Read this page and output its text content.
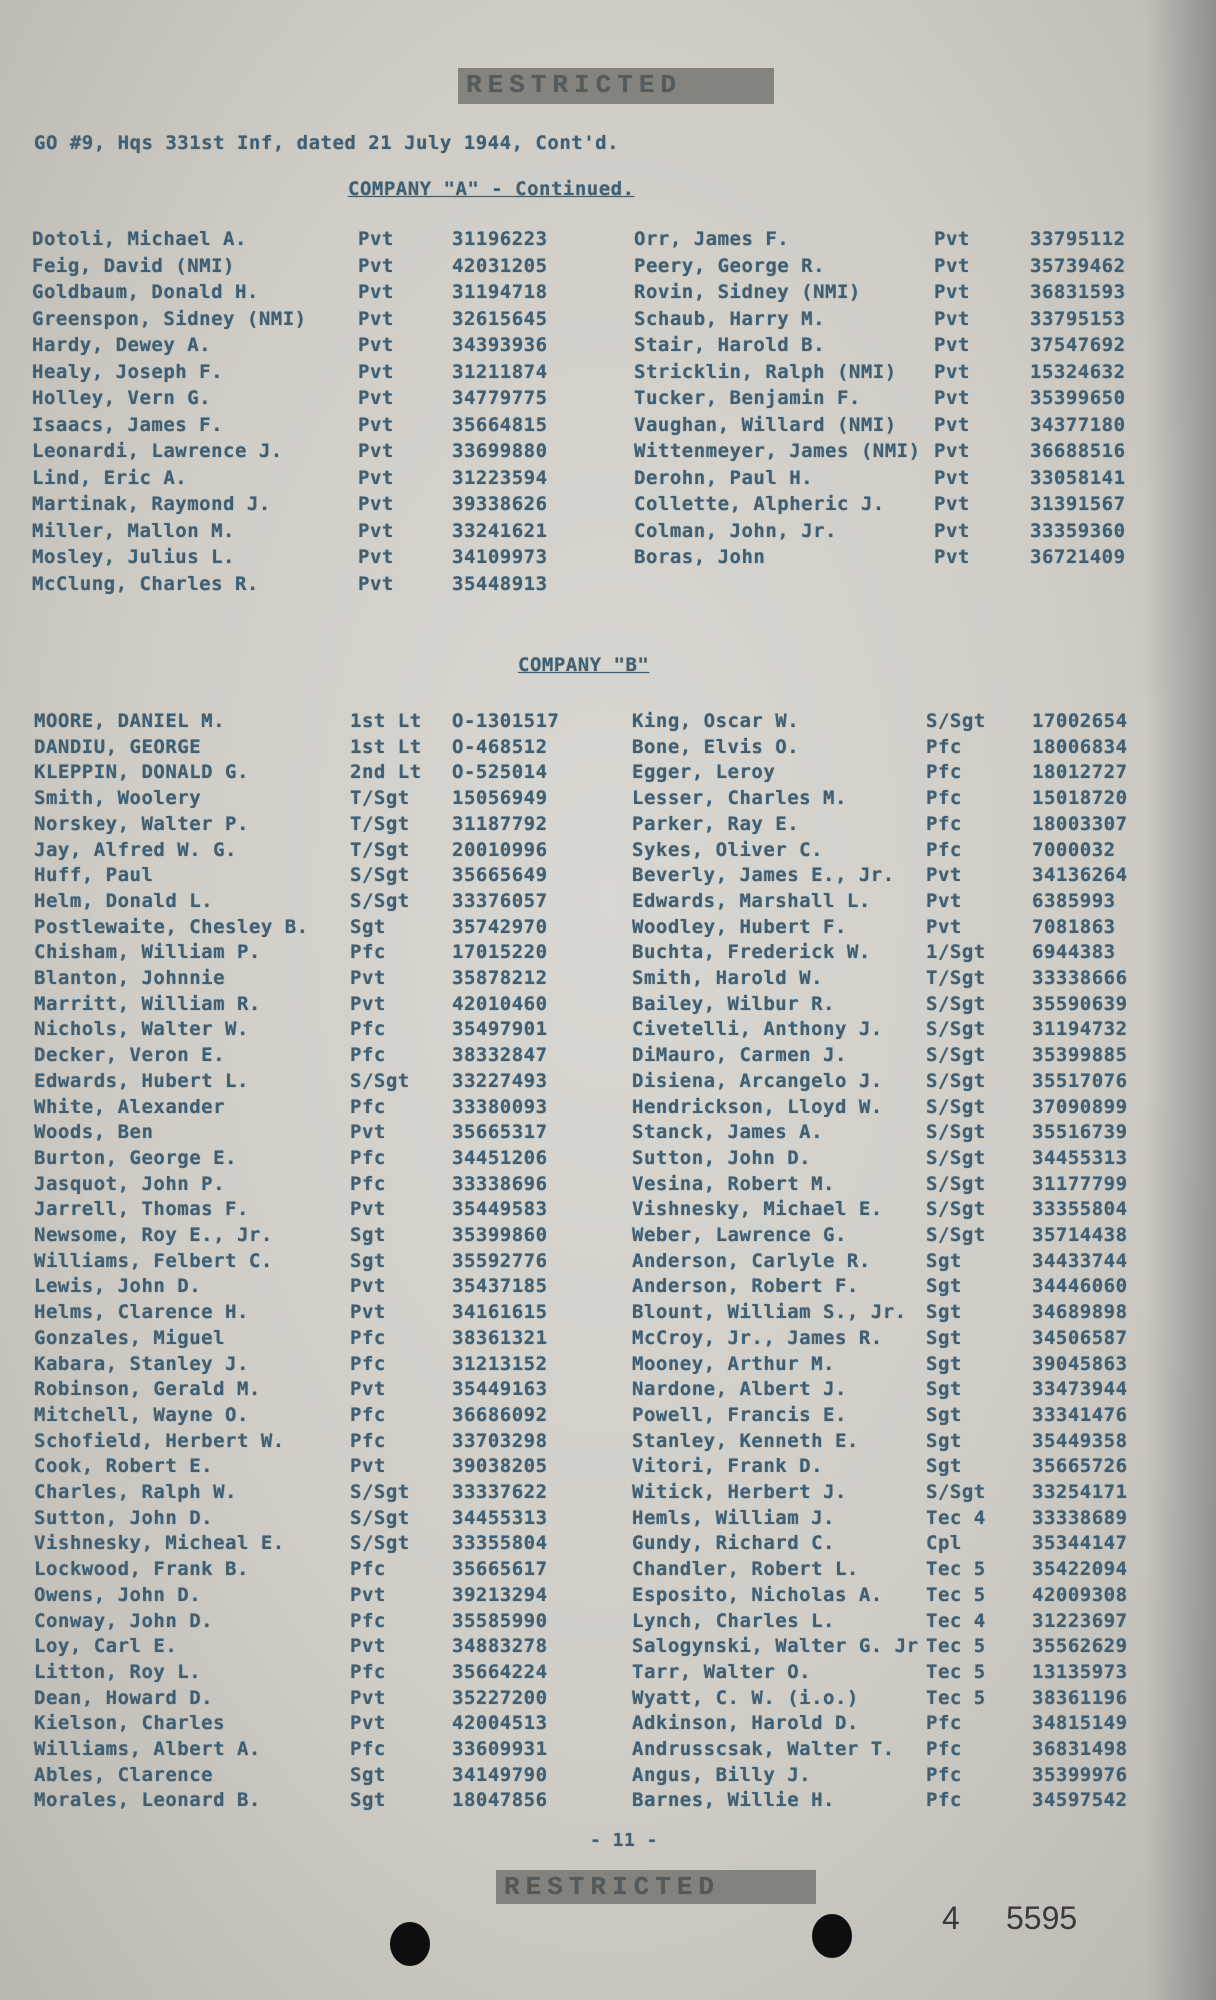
RESTRICTED
GO #9, Hqs 331st Inf, dated 21 July 1944, Cont'd.
COMPANY "A" - Continued.
Dotoli, Michael A.	Pvt	31196223
Feig, David (NMI)	Pvt	42031205
Goldbaum, Donald H.	Pvt	31194718
Greenspon, Sidney (NMI)	Pvt	32615645
Hardy, Dewey A.	Pvt	34393936
Healy, Joseph F.	Pvt	31211874
Holley, Vern G.	Pvt	34779775
Isaacs, James F.	Pvt	35664815
Leonardi, Lawrence J.	Pvt	33699880
Lind, Eric A.	Pvt	31223594
Martinak, Raymond J.	Pvt	39338626
Miller, Mallon M.	Pvt	33241621
Mosley, Julius L.	Pvt	34109973
McClung, Charles R.	Pvt	35448913
Orr, James F.	Pvt	33795112
Peery, George R.	Pvt	35739462
Rovin, Sidney (NMI)	Pvt	36831593
Schaub, Harry M.	Pvt	33795153
Stair, Harold B.	Pvt	37547692
Stricklin, Ralph (NMI) Pvt	15324632
Tucker, Benjamin F.	Pvt	35399650
Vaughan, Willard (NMI) Pvt	34377180
Wittenmeyer, James (NMI) Pvt	36688516
Derohn, Paul H.	Pvt	33058141
Collette, Alpheric J.	Pvt	31391567
Colman, John, Jr.	Pvt	33359360
Boras, John	Pvt	36721409
COMPANY "B"
MOORE, DANIEL M.	1st Lt O-1301517
DANDIU, GEORGE	1st Lt O-468512
KLEPPIN, DONALD G.	2nd Lt O-525014
Smith, Woolery	T/Sgt 15056949
Norskey, Walter P.	T/Sgt 31187792
Jay, Alfred W. G.	T/Sgt 20010996
Huff, Paul	S/Sgt 35665649
Helm, Donald L.	S/Sgt 33376057
Postlewaite, Chesley B. Sgt	35742970
Chisham, William P.	Pfc	17015220
Blanton, Johnnie	Pvt	35878212
Marritt, William R.	Pvt	42010460
Nichols, Walter W.	Pfc	35497901
Decker, Veron E.	Pfc	38332847
Edwards, Hubert L.	S/Sgt 33227493
White, Alexander	Pfc	33380093
Woods, Ben	Pvt	35665317
Burton, George E.	Pfc	34451206
Jasquot, John P.	Pfc	33338696
Jarrell, Thomas F.	Pvt	35449583
Newsome, Roy E., Jr.	Sgt	35399860
Williams, Felbert C.	Sgt	35592776
Lewis, John D.	Pvt	35437185
Helms, Clarence H.	Pvt	34161615
Gonzales, Miguel	Pfc	38361321
Kabara, Stanley J.	Pfc	31213152
Robinson, Gerald M.	Pvt	35449163
Mitchell, Wayne O.	Pfc	36686092
Schofield, Herbert W.	Pfc	33703298
Cook, Robert E.	Pvt	39038205
Charles, Ralph W.	S/Sgt 33337622
Sutton, John D.	S/Sgt 34455313
Vishnesky, Micheal E.	S/Sgt 33355804
Lockwood, Frank B.	Pfc	35665617
Owens, John D.	Pvt	39213294
Conway, John D.	Pfc	35585990
Loy, Carl E.	Pvt	34883278
Litton, Roy L.	Pfc	35664224
Dean, Howard D.	Pvt	35227200
Kielson, Charles	Pvt	42004513
Williams, Albert A.	Pfc	33609931
Ables, Clarence	Sgt	34149790
Morales, Leonard B.	Sgt	18047856
King, Oscar W.	S/Sgt 17002654
Bone, Elvis O.	Pfc	18006834
Egger, Leroy	Pfc	18012727
Lesser, Charles M.	Pfc	15018720
Parker, Ray E.	Pfc	18003307
Sykes, Oliver C.	Pfc	7000032
Beverly, James E., Jr. Pvt	34136264
Edwards, Marshall L.	Pvt	6385993
Woodley, Hubert F.	Pvt	7081863
Buchta, Frederick W.	1/Sgt 6944383
Smith, Harold W.	T/Sgt 33338666
Bailey, Wilbur R.	S/Sgt 35590639
Civetelli, Anthony J. S/Sgt 31194732
DiMauro, Carmen J.	S/Sgt 35399885
Disiena, Arcangelo J. S/Sgt 35517076
Hendrickson, Lloyd W. S/Sgt 37090899
Stanck, James A.	S/Sgt 35516739
Sutton, John D.	S/Sgt 34455313
Vesina, Robert M.	S/Sgt 31177799
Vishnesky, Michael E. S/Sgt 33355804
Weber, Lawrence G.	S/Sgt 35714438
Anderson, Carlyle R.	Sgt	34433744
Anderson, Robert F.	Sgt	34446060
Blount, William S., Jr. Sgt	34689898
McCroy, Jr., James R. Sgt	34506587
Mooney, Arthur M.	Sgt	39045863
Nardone, Albert J.	Sgt	33473944
Powell, Francis E.	Sgt	33341476
Stanley, Kenneth E.	Sgt	35449358
Vitori, Frank D.	Sgt	35665726
Witick, Herbert J.	S/Sgt 33254171
Hemls, William J.	Tec 4 33338689
Gundy, Richard C.	Cpl	35344147
Chandler, Robert L.	Tec 5 35422094
Esposito, Nicholas A. Tec 5 42009308
Lynch, Charles L.	Tec 4 31223697
Salogynski, Walter G. Jr Tec 5 35562629
Tarr, Walter O.	Tec 5 13135973
Wyatt, C. W. (i.o.)	Tec 5 38361196
Adkinson, Harold D.	Pfc	34815149
Andrusscsak, Walter T. Pfc	36831498
Angus, Billy J.	Pfc	35399976
Barnes, Willie H.	Pfc	34597542
- 11 -
RESTRICTED
4 5595
